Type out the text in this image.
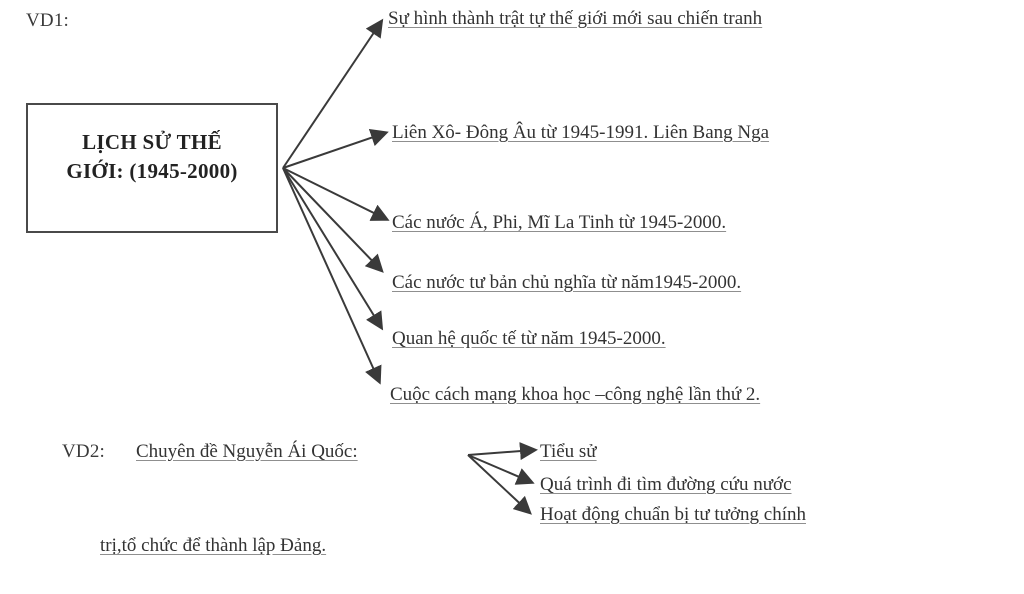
VD1:
LỊCH SỬ THẾ
GIỚI: (1945-2000)
Sự hình thành trật tự thế giới mới sau chiến tranh
Liên Xô- Đông Âu từ 1945-1991. Liên Bang Nga
Các nước Á, Phi, Mĩ La Tinh từ 1945-2000.
Các nước tư bản chủ nghĩa từ năm1945-2000.
Quan hệ quốc tế từ năm 1945-2000.
Cuộc cách mạng khoa học –công nghệ lần thứ 2.
VD2: Chuyên đề Nguyễn Ái Quốc:	Tiểu sử
Quá trình đi tìm đường cứu nước
Hoạt động chuẩn bị tư tưởng chính
trị,tổ chức để thành lập Đảng.
